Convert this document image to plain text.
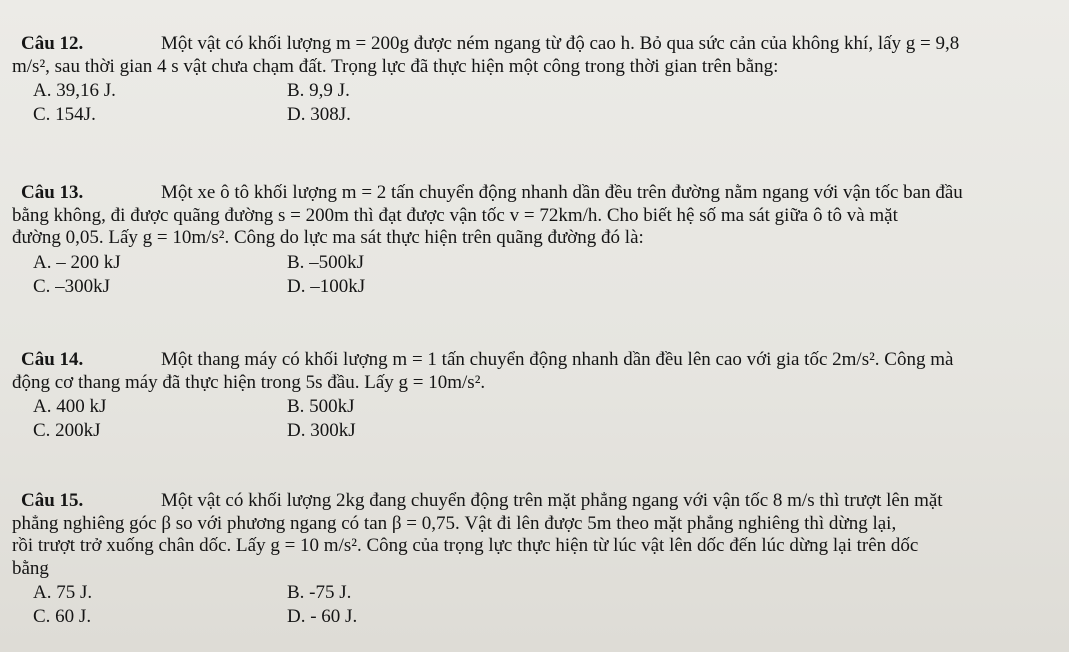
Câu 12.	Một vật có khối lượng m = 200g được ném ngang từ độ cao h. Bỏ qua sức cản của không khí, lấy g = 9,8
m/s², sau thời gian 4 s vật chưa chạm đất. Trọng lực đã thực hiện một công trong thời gian trên bằng:
A. 39,16 J.	B. 9,9 J.
C. 154J.	D. 308J.
Câu 13.	Một xe ô tô khối lượng m = 2 tấn chuyển động nhanh dần đều trên đường nằm ngang với vận tốc ban đầu
bằng không, đi được quãng đường s = 200m thì đạt được vận tốc v = 72km/h. Cho biết hệ số ma sát giữa ô tô và mặt
đường 0,05. Lấy g = 10m/s². Công do lực ma sát thực hiện trên quãng đường đó là:
A. – 200 kJ	B. –500kJ
C. –300kJ	D. –100kJ
Câu 14.	Một thang máy có khối lượng m = 1 tấn chuyển động nhanh dần đều lên cao với gia tốc 2m/s². Công mà
động cơ thang máy đã thực hiện trong 5s đầu. Lấy g = 10m/s².
A. 400 kJ	B. 500kJ
C. 200kJ	D. 300kJ
Câu 15.	Một vật có khối lượng 2kg đang chuyển động trên mặt phẳng ngang với vận tốc 8 m/s thì trượt lên mặt
phẳng nghiêng góc β so với phương ngang có tan β = 0,75. Vật đi lên được 5m theo mặt phẳng nghiêng thì dừng lại,
rồi trượt trở xuống chân dốc. Lấy g = 10 m/s². Công của trọng lực thực hiện từ lúc vật lên dốc đến lúc dừng lại trên dốc
bằng
A. 75 J.	B. -75 J.
C. 60 J.	D. - 60 J.
